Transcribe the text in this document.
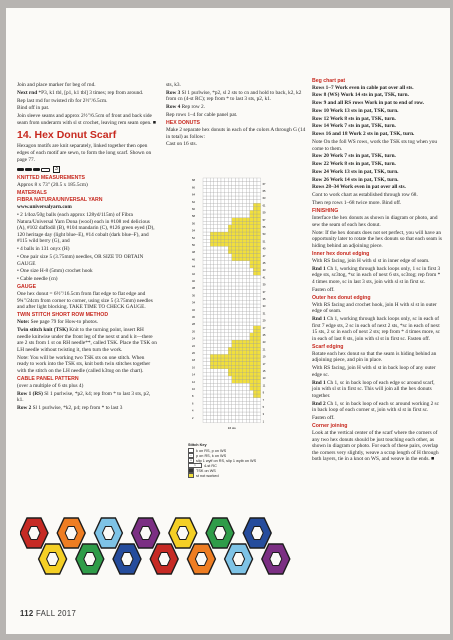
Join and place marker for beg of rnd.

Next rnd *P3, k1 tbl, [p1, k1 tbl] 3 times; rep from around.

Rep last rnd for twisted rib for 2½"/6.5cm.

Bind off in pat.

Join sleeve seams and approx 2½"/6.5cm of front and back side seam from underarm with sl st crochet, leaving rem seam open. ■

14. Hex Donut Scarf

Hexagon motifs are knit separately, linked together then open edges of each motif are sewn, to form the long scarf. Shown on page 77.

3
KNITTED MEASUREMENTS

Approx 8 x 73" (20.5 x 185.5cm)

MATERIALS
FIBRA NATURA/UNIVERSAL YARN

www.universalyarn.com

• 2 1⁄4oz/50g balls (each approx 128yd/115m) of Fibra Natura/Universal Yarn Dona (wool) each in #108 red delicious (A), #102 daffodil (B), #104 mandarin (C), #126 green eyed (D), 120 heritage day (light blue–E), #14 cobalt (dark blue–F), and #115 wild berry (G), and

• 4 balls in 131 onyx (H)

• One pair size 5 (3.75mm) needles, OR SIZE TO OBTAIN GAUGE

• One size H-8 (5mm) crochet hook

• Cable needle (cn)

GAUGE

One hex donut = 6½"/16.5cm from flat edge to flat edge and 9¾"/24cm from corner to corner, using size 5 (3.75mm) needles and after light blocking. TAKE TIME TO CHECK GAUGE.

TWIN STITCH SHORT ROW METHOD

Note: See page 79 for How-to photos.

Twin stitch knit (TSK) Knit to the turning point, insert RH needle knitwise under the front leg of the next st and k it—there are 2 sts from 1 st on RH needle**, called TSK. Place the TSK on LH needle without twisting it, then turn the work.

Note: You will be working two TSK sts on one stitch. When ready to work into the TSK sts, knit both twin stitches together with the stitch on the LH needle (called k3tog on the chart).

CABLE PANEL PATTERN

(over a multiple of 6 sts plus 4)

Row 1 (RS) Sl 1 purlwise, *p2, k4; rep from * to last 3 sts, p2, k1.

Row 2 Sl 1 purlwise, *k2, p4; rep from * to last 3

sts, k3.

Row 3 Sl 1 purlwise, *p2, sl 2 sts to cn and hold to back, k2, k2 from cn (4-st RC); rep from * to last 3 sts, p2, k1.

Row 4 Rep row 2.

Rep rows 1–4 for cable panel pat.

HEX DONUTS

Make 2 separate hex donuts in each of the colors A through G (14 in total) as follow:

Cast on 16 sts.

68
66
64
62
60
58
56
54
52
50
48
46
44
42
40
38
36
34
32
30
28
26
24
22
20
18
16
14
12
10
8
6
4
2
67
65
63
61
59
57
55
53
51
49
47
45
43
41
39
37
35
33
31
29
27
25
23
21
19
17
15
13
11
9
7
5
3
1
16 sts
Stitch Key
k on RS, p on WS
–	p on RS, k on WS
v	slip 1 wyif on RS, slip 1 wyib on WS
⤬	4-st RC
TSK on WS
st not worked
Beg chart pat

Rows 1–7 Work even in cable pat over all sts.

Row 8 (WS) Work 14 sts in pat, TSK, turn.

Row 9 and all RS rows Work in pat to end of row.

Row 10 Work 13 sts in pat, TSK, turn.

Row 12 Work 8 sts in pat, TSK, turn.

Row 14 Work 7 sts in pat, TSK, turn.

Rows 16 and 18 Work 2 sts in pat, TSK, turn.

Note On the foll WS rows, work the TSK sts tog when you come to them.

Row 20 Work 7 sts in pat, TSK, turn.

Row 22 Work 8 sts in pat, TSK, turn.

Row 24 Work 13 sts in pat, TSK, turn.

Row 26 Work 14 sts in pat, TSK, turn.

Rows 28–34 Work even in pat over all sts.

Cont to work chart as established through row 68.

Then rep rows 1–68 twice more. Bind off.

FINISHING

Interface the hex donuts as shown in diagram or photo, and sew the seam of each hex donut.

Note: If the hex donuts does not set perfect, you will have an opportunity later to rotate the hex donuts so that each seam is hiding behind an adjoining piece.

Inner hex donut edging

With RS facing, join H with sl st in inner edge of seam.

Rnd 1 Ch 1, working through back loops only, 1 sc in first 3 edge sts, sc3tog, *sc in each of next 6 sts, sc3tog; rep from * 4 times more, sc in last 3 sts, join with sl st in first sc.

Fasten off.

Outer hex donut edging

With RS facing and crochet hook, join H with sl st in outer edge of seam.

Rnd 1 Ch 1, working through back loops only, sc in each of first 7 edge sts, 2 sc in each of next 2 sts, *sc in each of next 15 sts, 2 sc in each of next 2 sts; rep from * 4 times more, sc in each of last 8 sts, join with sl st in first sc. Fasten off.

Scarf edging

Rotate each hex donut so that the seam is hiding behind an adjoining piece, and pin in place.

With RS facing, join H with sl st in back loop of any outer edge sc.

Rnd 1 Ch 1, sc in back loop of each edge sc around scarf, join with sl st in first sc. This will join all the hex donuts together.

Rnd 2 Ch 1, sc in back loop of each sc around working 2 sc in back loop of each corner st, join with sl st in first sc.

Fasten off.

Corner joining

Look at the vertical center of the scarf where the corners of any two hex donuts should be just touching each other, as shown in diagram or photo. For each of these pairs, overlap the corners very slightly, weave a scrap length of H through both layers, tie in a knot on WS, and weave in the ends. ■

112 FALL 2017
